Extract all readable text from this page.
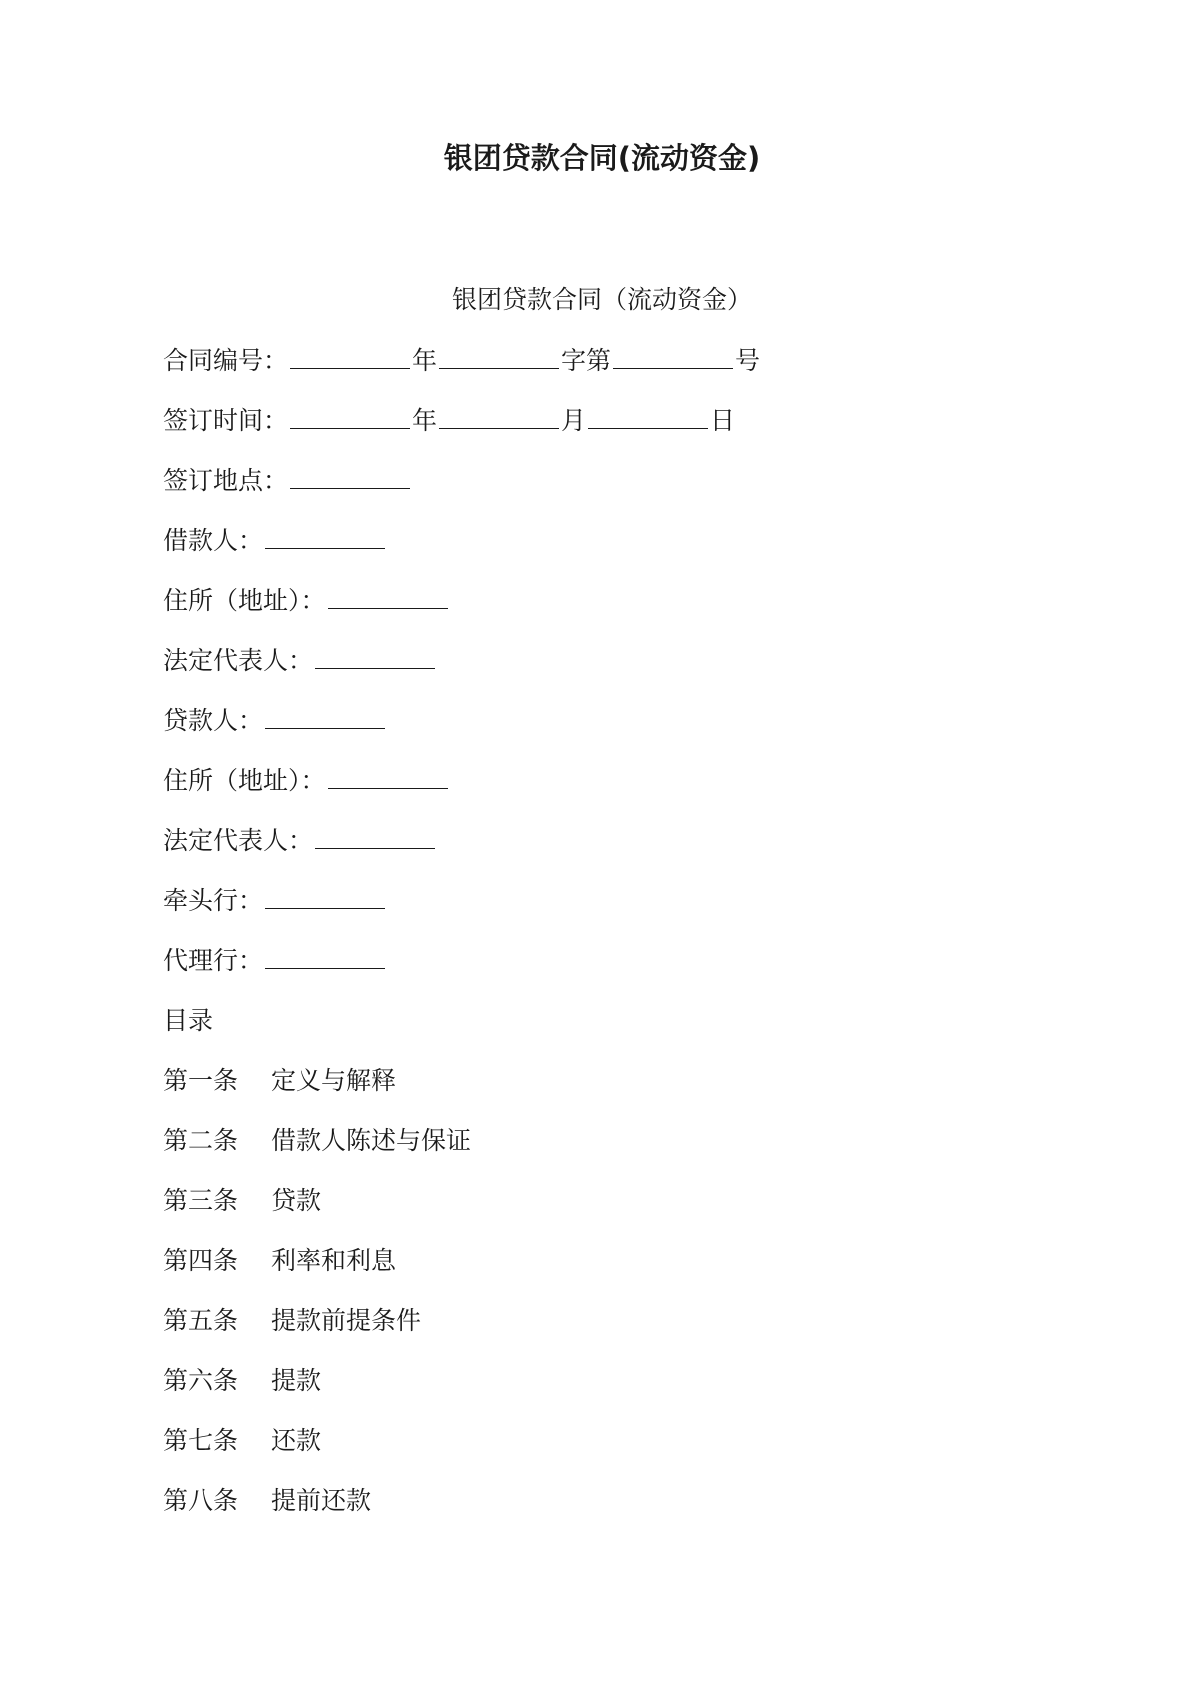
银团贷款合同(流动资金)
银团贷款合同（流动资金）
合同编号：	年	字第	号
签订时间：	年	月	日
签订地点：
借款人：
住所（地址）：
法定代表人：
贷款人：
住所（地址）：
法定代表人：
牵头行：
代理行：
目录
第一条 定义与解释
第二条 借款人陈述与保证
第三条 贷款
第四条 利率和利息
第五条 提款前提条件
第六条 提款
第七条 还款
第八条 提前还款
